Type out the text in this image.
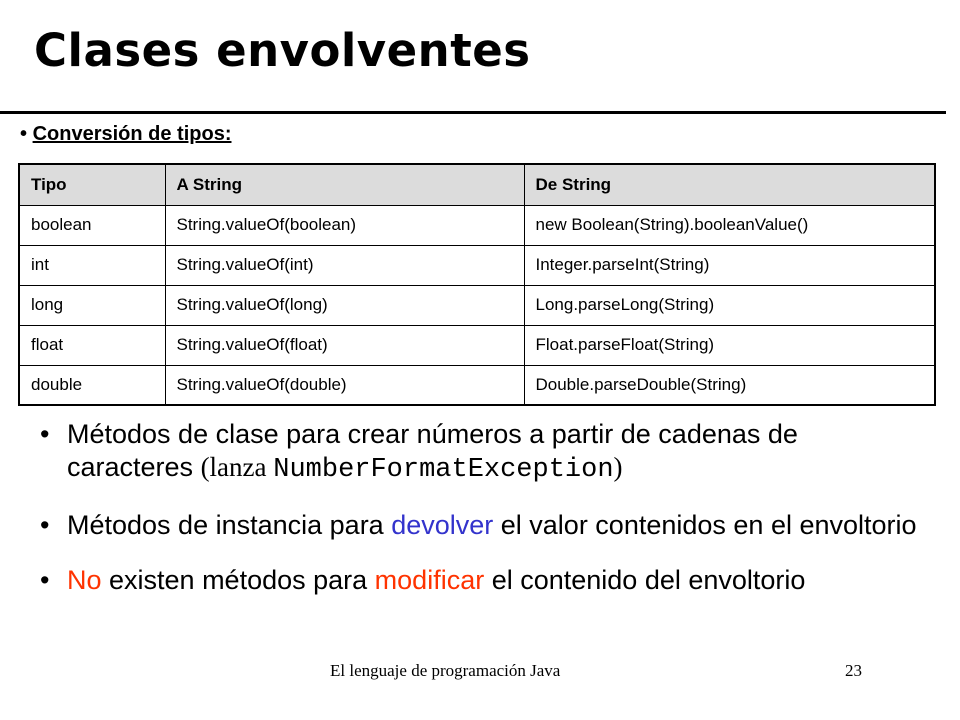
Clases envolventes
• Conversión de tipos:
Tipo	A String	De String
boolean	String.valueOf(boolean)	new Boolean(String).booleanValue()
int	String.valueOf(int)	Integer.parseInt(String)
long	String.valueOf(long)	Long.parseLong(String)
float	String.valueOf(float)	Float.parseFloat(String)
double	String.valueOf(double)	Double.parseDouble(String)
• Métodos de clase para crear números a partir de cadenas de caracteres (lanza NumberFormatException)
• Métodos de instancia para devolver el valor contenidos en el envoltorio
• No existen métodos para modificar el contenido del envoltorio
El lenguaje de programación Java	23
